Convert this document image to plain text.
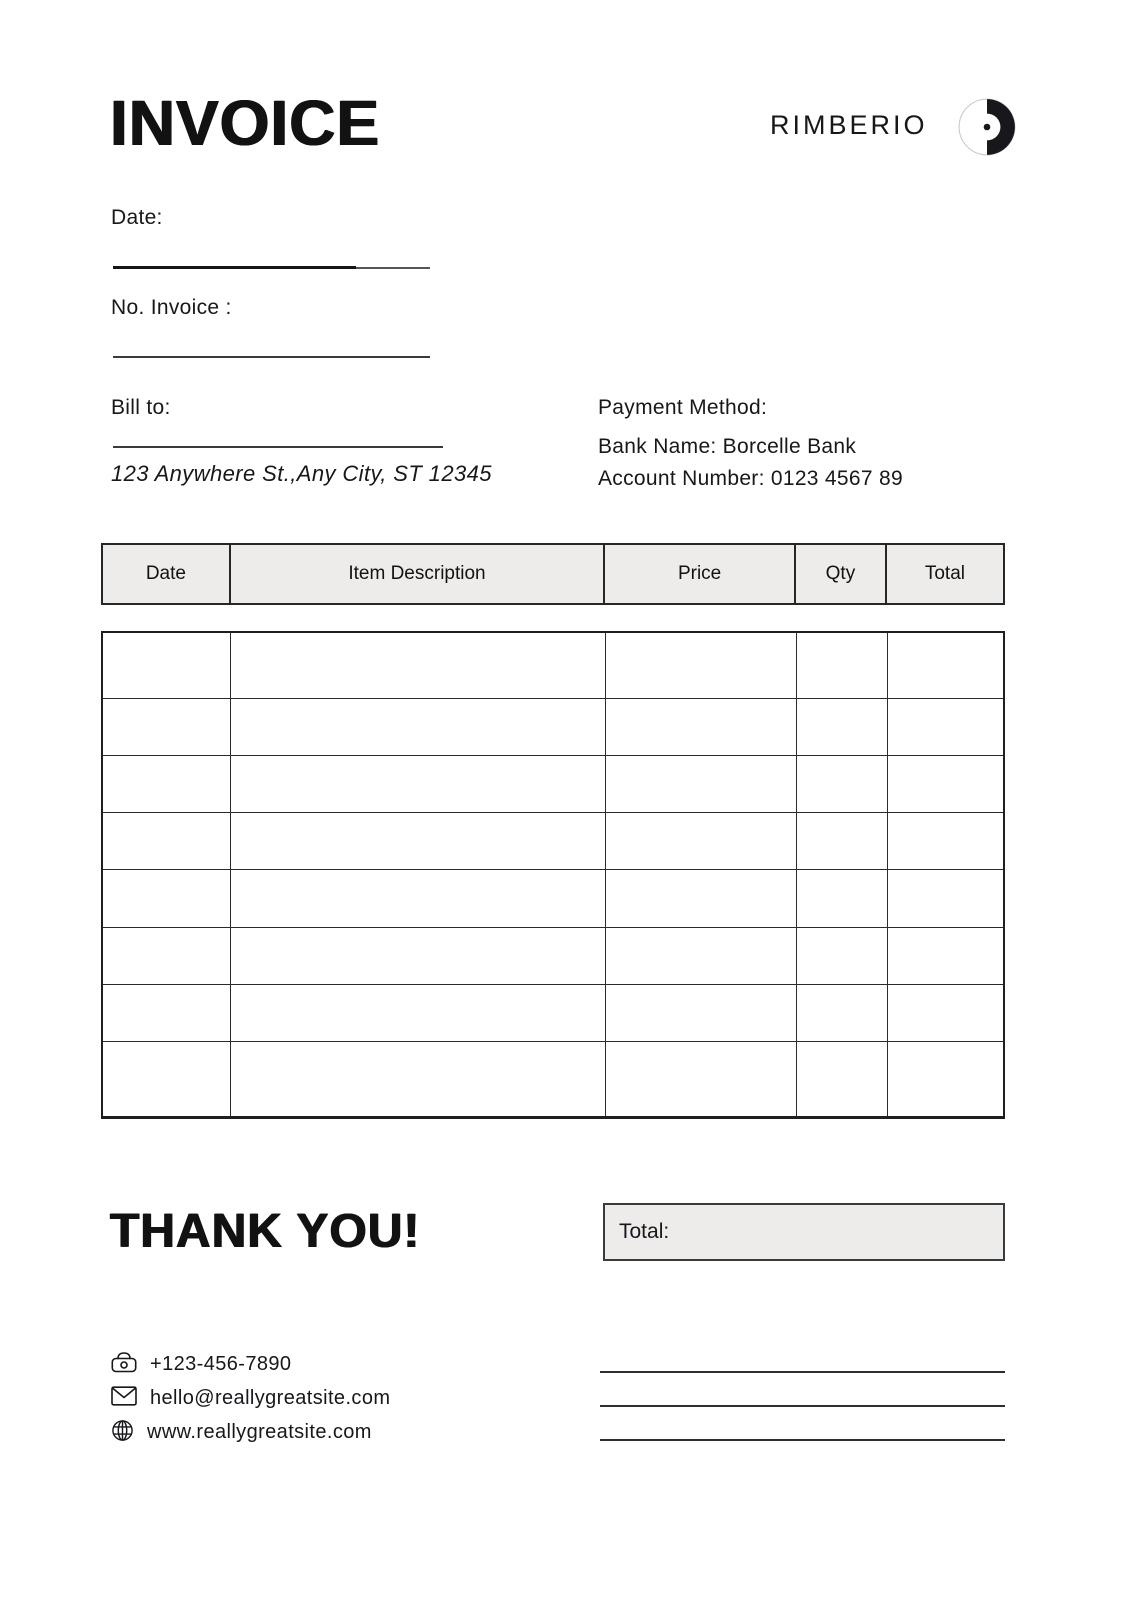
INVOICE	RIMBERIO
Date:
No. Invoice :
Bill to:
123 Anywhere St.,Any City, ST 12345
Payment Method:
Bank Name: Borcelle Bank
Account Number: 0123 4567 89
Date	Item Description	Price	Qty	Total

THANK YOU!	Total:
+123-456-7890
hello@reallygreatsite.com
www.reallygreatsite.com
